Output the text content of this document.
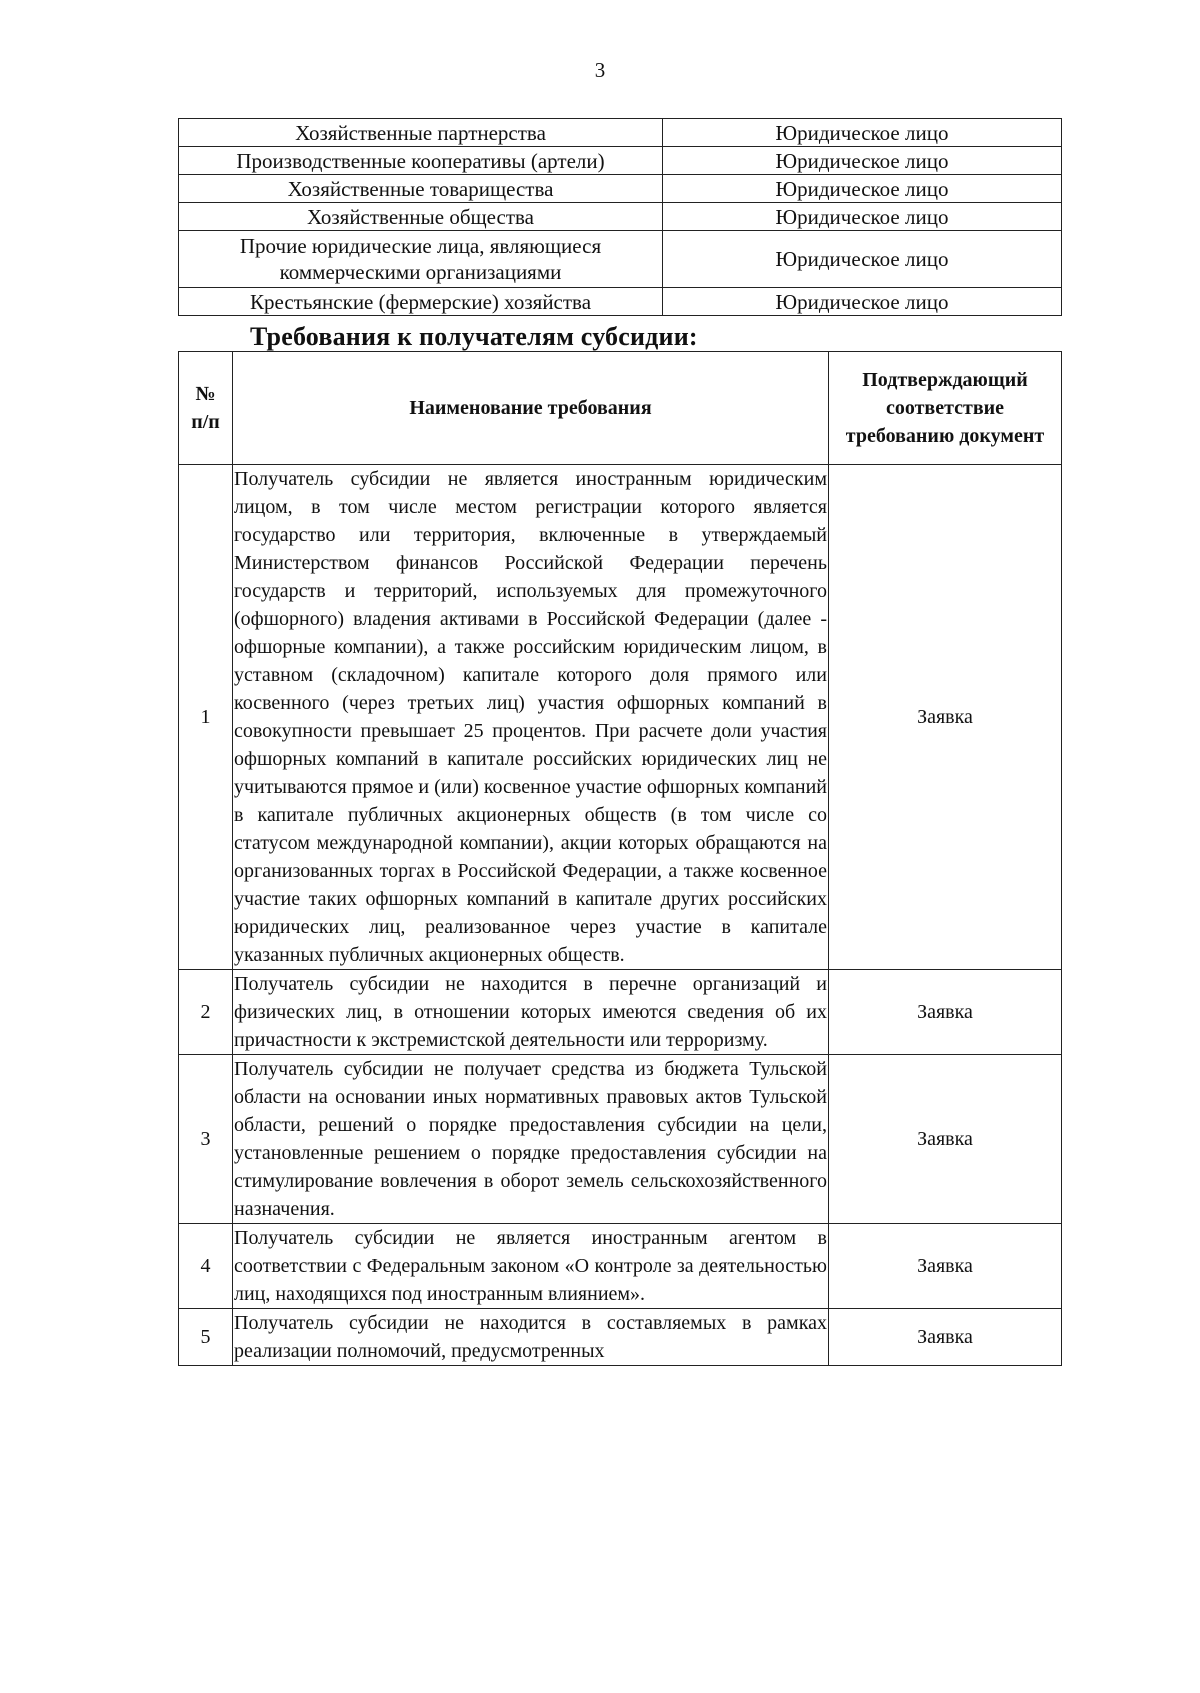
3
Хозяйственные партнерства	Юридическое лицо
Производственные кооперативы (артели)	Юридическое лицо
Хозяйственные товарищества	Юридическое лицо
Хозяйственные общества	Юридическое лицо

Прочие юридические лица, являющиеся коммерческими организациями	Юридическое лицо
Крестьянские (фермерские) хозяйства	Юридическое лицо
Требования к получателям субсидии:
№ п/п	Наименование требования	Подтверждающий соответствие требованию документ

1	Получатель субсидии не является иностранным юридическим лицом, в том числе местом регистрации которого является государство или территория, включенные в утверждаемый Министерством финансов Российской Федерации перечень государств и территорий, используемых для промежуточного (офшорного) владения активами в Российской Федерации (далее - офшорные компании), а также российским юридическим лицом, в уставном (складочном) капитале которого доля прямого или косвенного (через третьих лиц) участия офшорных компаний в совокупности превышает 25 процентов. При расчете доли участия офшорных компаний в капитале российских юридических лиц не учитываются прямое и (или) косвенное участие офшорных компаний в капитале публичных акционерных обществ (в том числе со статусом международной компании), акции которых обращаются на организованных торгах в Российской Федерации, а также косвенное участие таких офшорных компаний в капитале других российских юридических лиц, реализованное через участие в капитале указанных публичных акционерных обществ.	Заявка
2	Получатель субсидии не находится в перечне организаций и физических лиц, в отношении которых имеются сведения об их причастности к экстремистской деятельности или терроризму.	Заявка
3	Получатель субсидии не получает средства из бюджета Тульской области на основании иных нормативных правовых актов Тульской области, решений о порядке предоставления субсидии на цели, установленные решением о порядке предоставления субсидии на стимулирование вовлечения в оборот земель сельскохозяйственного назначения.	Заявка
4	Получатель субсидии не является иностранным агентом в соответствии с Федеральным законом «О контроле за деятельностью лиц, находящихся под иностранным влиянием».	Заявка
5	Получатель субсидии не находится в составляемых в рамках реализации полномочий, предусмотренных	Заявка
